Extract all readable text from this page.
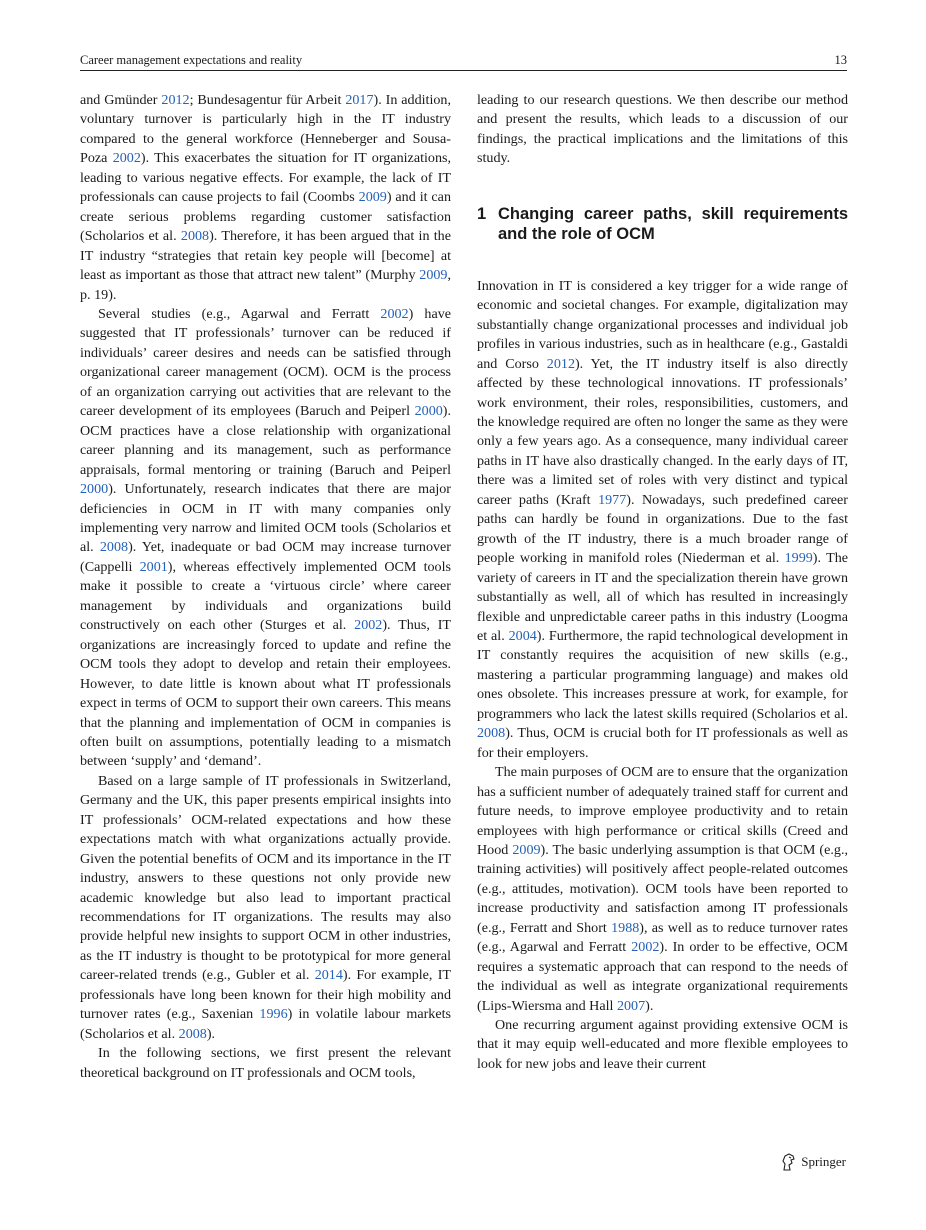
Career management expectations and reality	13

and Gmünder 2012; Bundesagentur für Arbeit 2017). In addition, voluntary turnover is particularly high in the IT industry compared to the general workforce (Henneberger and Sousa-Poza 2002). This exacerbates the situation for IT organizations, leading to various negative effects. For example, the lack of IT professionals can cause projects to fail (Coombs 2009) and it can create serious problems regarding customer satisfaction (Scholarios et al. 2008). Therefore, it has been argued that in the IT industry “strategies that retain key people will [become] at least as important as those that attract new talent” (Murphy 2009, p. 19).

Several studies (e.g., Agarwal and Ferratt 2002) have suggested that IT professionals’ turnover can be reduced if individuals’ career desires and needs can be satisfied through organizational career management (OCM). OCM is the process of an organization carrying out activities that are relevant to the career development of its employees (Baruch and Peiperl 2000). OCM practices have a close relationship with organizational career planning and its management, such as performance appraisals, formal mentoring or training (Baruch and Peiperl 2000). Unfortunately, research indicates that there are major deficiencies in OCM in IT with many companies only implementing very narrow and limited OCM tools (Scholarios et al. 2008). Yet, inadequate or bad OCM may increase turnover (Cappelli 2001), whereas effectively implemented OCM tools make it possible to create a ‘virtuous circle’ where career management by individuals and organizations build constructively on each other (Sturges et al. 2002). Thus, IT organizations are increasingly forced to update and refine the OCM tools they adopt to develop and retain their employees. However, to date little is known about what IT professionals expect in terms of OCM to support their own careers. This means that the planning and implementation of OCM in companies is often built on assumptions, potentially leading to a mismatch between ‘supply’ and ‘demand’.

Based on a large sample of IT professionals in Switzerland, Germany and the UK, this paper presents empirical insights into IT professionals’ OCM-related expectations and how these expectations match with what organizations actually provide. Given the potential benefits of OCM and its importance in the IT industry, answers to these questions not only provide new academic knowledge but also lead to important practical recommendations for IT organizations. The results may also provide helpful new insights to support OCM in other industries, as the IT industry is thought to be prototypical for more general career-related trends (e.g., Gubler et al. 2014). For example, IT professionals have long been known for their high mobility and turnover rates (e.g., Saxenian 1996) in volatile labour markets (Scholarios et al. 2008).

In the following sections, we first present the relevant theoretical background on IT professionals and OCM tools,

leading to our research questions. We then describe our method and present the results, which leads to a discussion of our findings, the practical implications and the limitations of this study.

1 Changing career paths, skill requirements and the role of OCM

Innovation in IT is considered a key trigger for a wide range of economic and societal changes. For example, digitalization may substantially change organizational processes and individual job profiles in various industries, such as in healthcare (e.g., Gastaldi and Corso 2012). Yet, the IT industry itself is also directly affected by these technological innovations. IT professionals’ work environment, their roles, responsibilities, customers, and the knowledge required are often no longer the same as they were only a few years ago. As a consequence, many individual career paths in IT have also drastically changed. In the early days of IT, there was a limited set of roles with very distinct and typical career paths (Kraft 1977). Nowadays, such predefined career paths can hardly be found in organizations. Due to the fast growth of the IT industry, there is a much broader range of people working in manifold roles (Niederman et al. 1999). The variety of careers in IT and the specialization therein have grown substantially as well, all of which has resulted in increasingly flexible and unpredictable career paths in this industry (Loogma et al. 2004). Furthermore, the rapid technological development in IT constantly requires the acquisition of new skills (e.g., mastering a particular programming language) and makes old ones obsolete. This increases pressure at work, for example, for programmers who lack the latest skills required (Scholarios et al. 2008). Thus, OCM is crucial both for IT professionals as well as for their employers.

The main purposes of OCM are to ensure that the organization has a sufficient number of adequately trained staff for current and future needs, to improve employee productivity and to retain employees with high performance or critical skills (Creed and Hood 2009). The basic underlying assumption is that OCM (e.g., training activities) will positively affect people-related outcomes (e.g., attitudes, motivation). OCM tools have been reported to increase productivity and satisfaction among IT professionals (e.g., Ferratt and Short 1988), as well as to reduce turnover rates (e.g., Agarwal and Ferratt 2002). In order to be effective, OCM requires a systematic approach that can respond to the needs of the individual as well as integrate organizational requirements (Lips-Wiersma and Hall 2007).

One recurring argument against providing extensive OCM is that it may equip well-educated and more flexible employees to look for new jobs and leave their current

Springer
